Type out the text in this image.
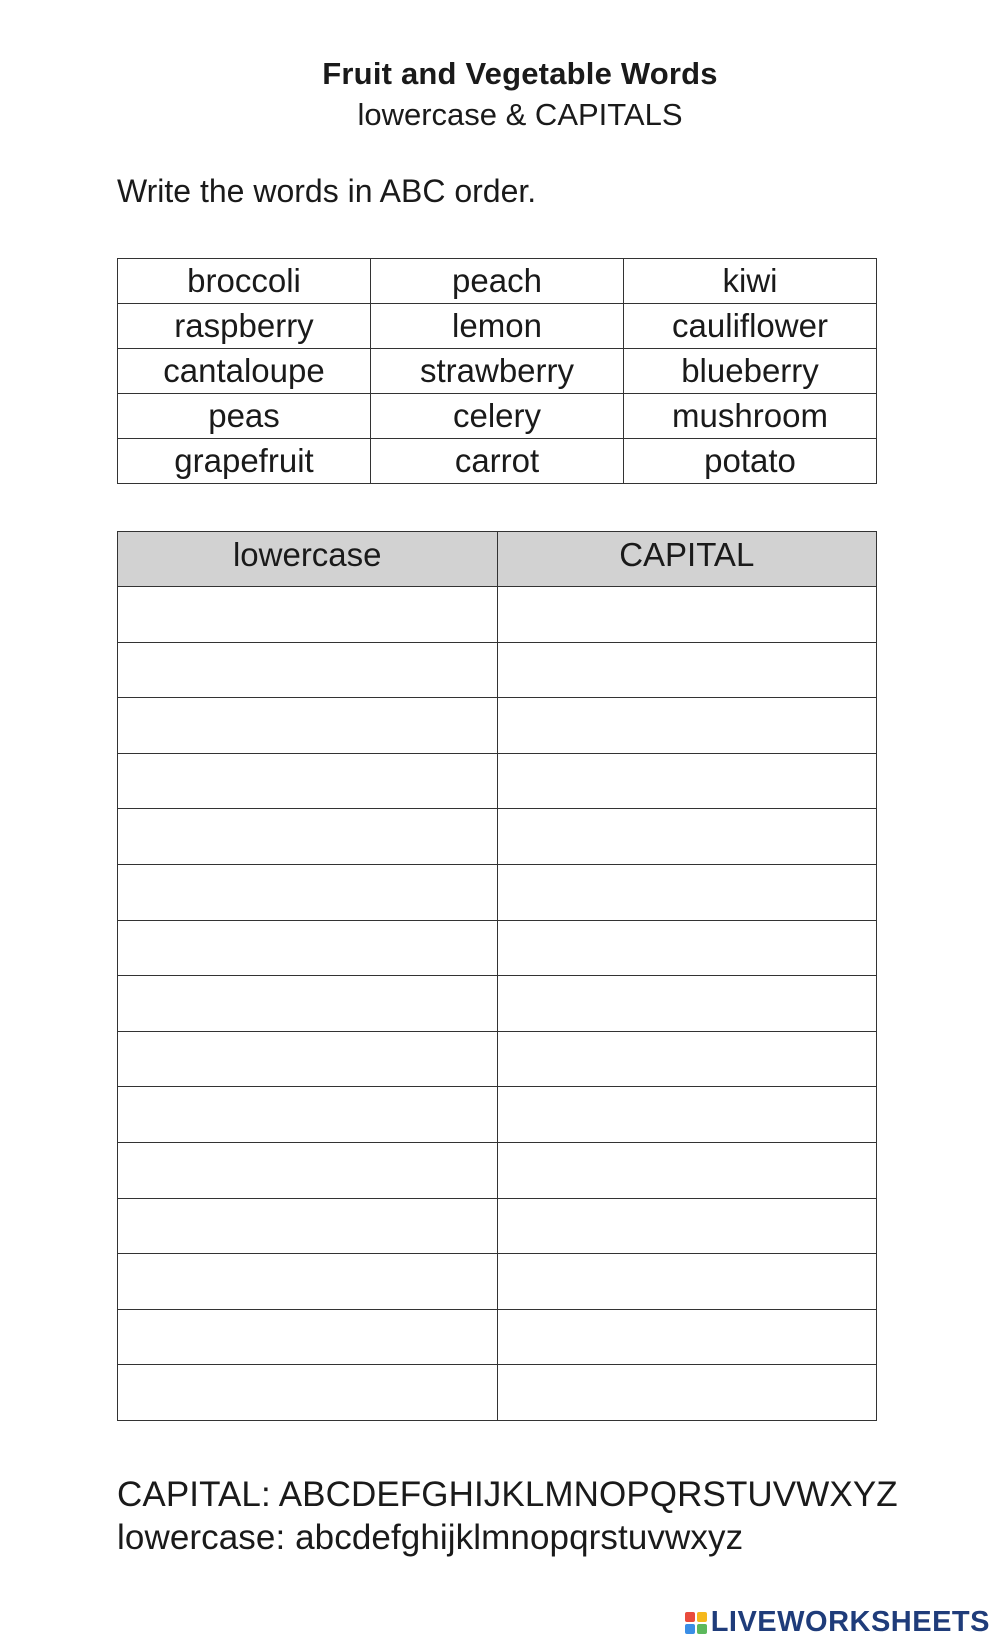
Fruit and Vegetable Words
lowercase & CAPITALS
Write the words in ABC order.
broccoli	peach	kiwi
raspberry	lemon	cauliflower
cantaloupe	strawberry	blueberry
peas	celery	mushroom
grapefruit	carrot	potato
lowercase	CAPITAL

CAPITAL: ABCDEFGHIJKLMNOPQRSTUVWXYZ
lowercase: abcdefghijklmnopqrstuvwxyz
LIVEWORKSHEETS
